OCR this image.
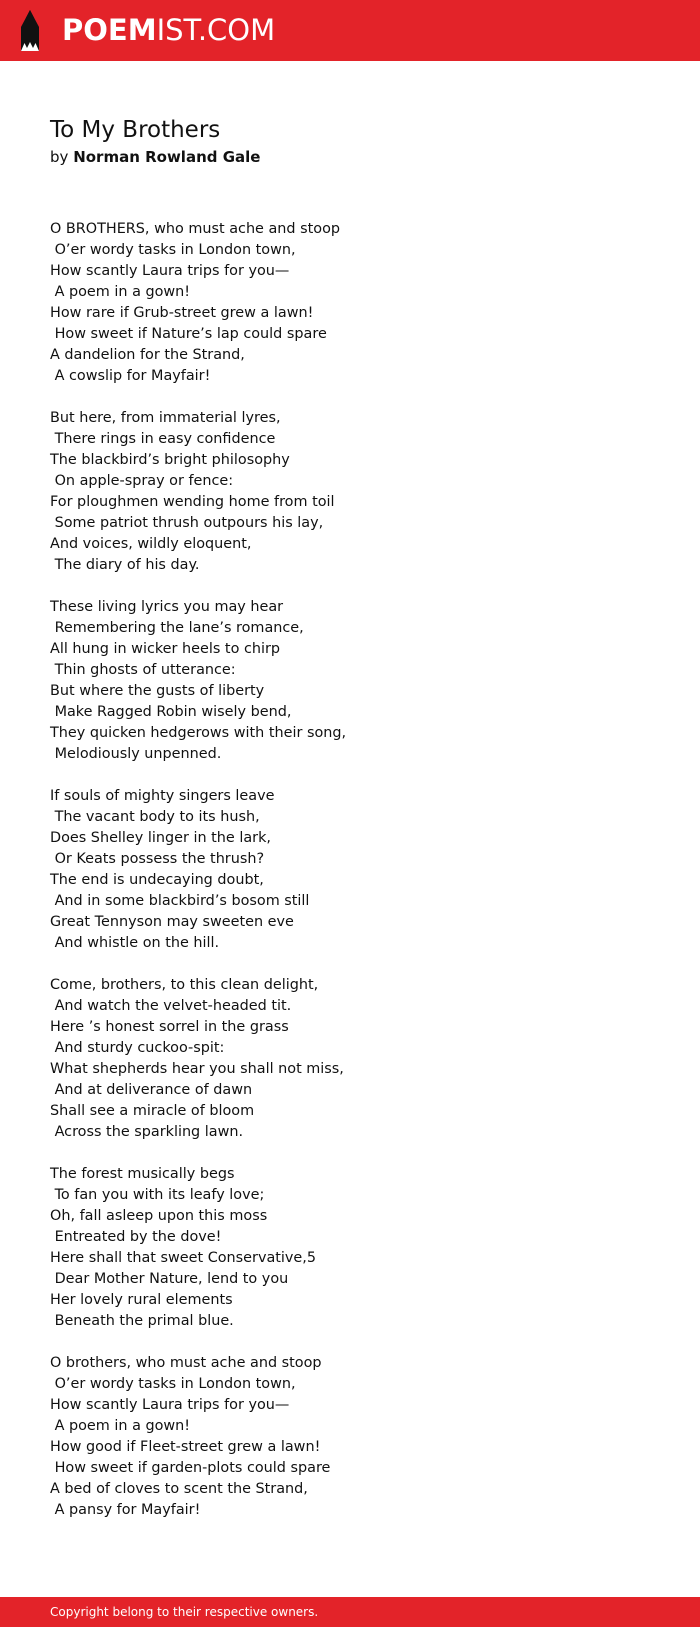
POEMIST.COM
To My Brothers
by Norman Rowland Gale
O BROTHERS, who must ache and stoop
O’er wordy tasks in London town,
How scantly Laura trips for you—
A poem in a gown!
How rare if Grub-street grew a lawn!
How sweet if Nature’s lap could spare
A dandelion for the Strand,
A cowslip for Mayfair!
But here, from immaterial lyres,
There rings in easy confidence
The blackbird’s bright philosophy
On apple-spray or fence:
For ploughmen wending home from toil
Some patriot thrush outpours his lay,
And voices, wildly eloquent,
The diary of his day.
These living lyrics you may hear
Remembering the lane’s romance,
All hung in wicker heels to chirp
Thin ghosts of utterance:
But where the gusts of liberty
Make Ragged Robin wisely bend,
They quicken hedgerows with their song,
Melodiously unpenned.
If souls of mighty singers leave
The vacant body to its hush,
Does Shelley linger in the lark,
Or Keats possess the thrush?
The end is undecaying doubt,
And in some blackbird’s bosom still
Great Tennyson may sweeten eve
And whistle on the hill.
Come, brothers, to this clean delight,
And watch the velvet-headed tit.
Here ’s honest sorrel in the grass
And sturdy cuckoo-spit:
What shepherds hear you shall not miss,
And at deliverance of dawn
Shall see a miracle of bloom
Across the sparkling lawn.
The forest musically begs
To fan you with its leafy love;
Oh, fall asleep upon this moss
Entreated by the dove!
Here shall that sweet Conservative,5
Dear Mother Nature, lend to you
Her lovely rural elements
Beneath the primal blue.
O brothers, who must ache and stoop
O’er wordy tasks in London town,
How scantly Laura trips for you—
A poem in a gown!
How good if Fleet-street grew a lawn!
How sweet if garden-plots could spare
A bed of cloves to scent the Strand,
A pansy for Mayfair!
Copyright belong to their respective owners.
